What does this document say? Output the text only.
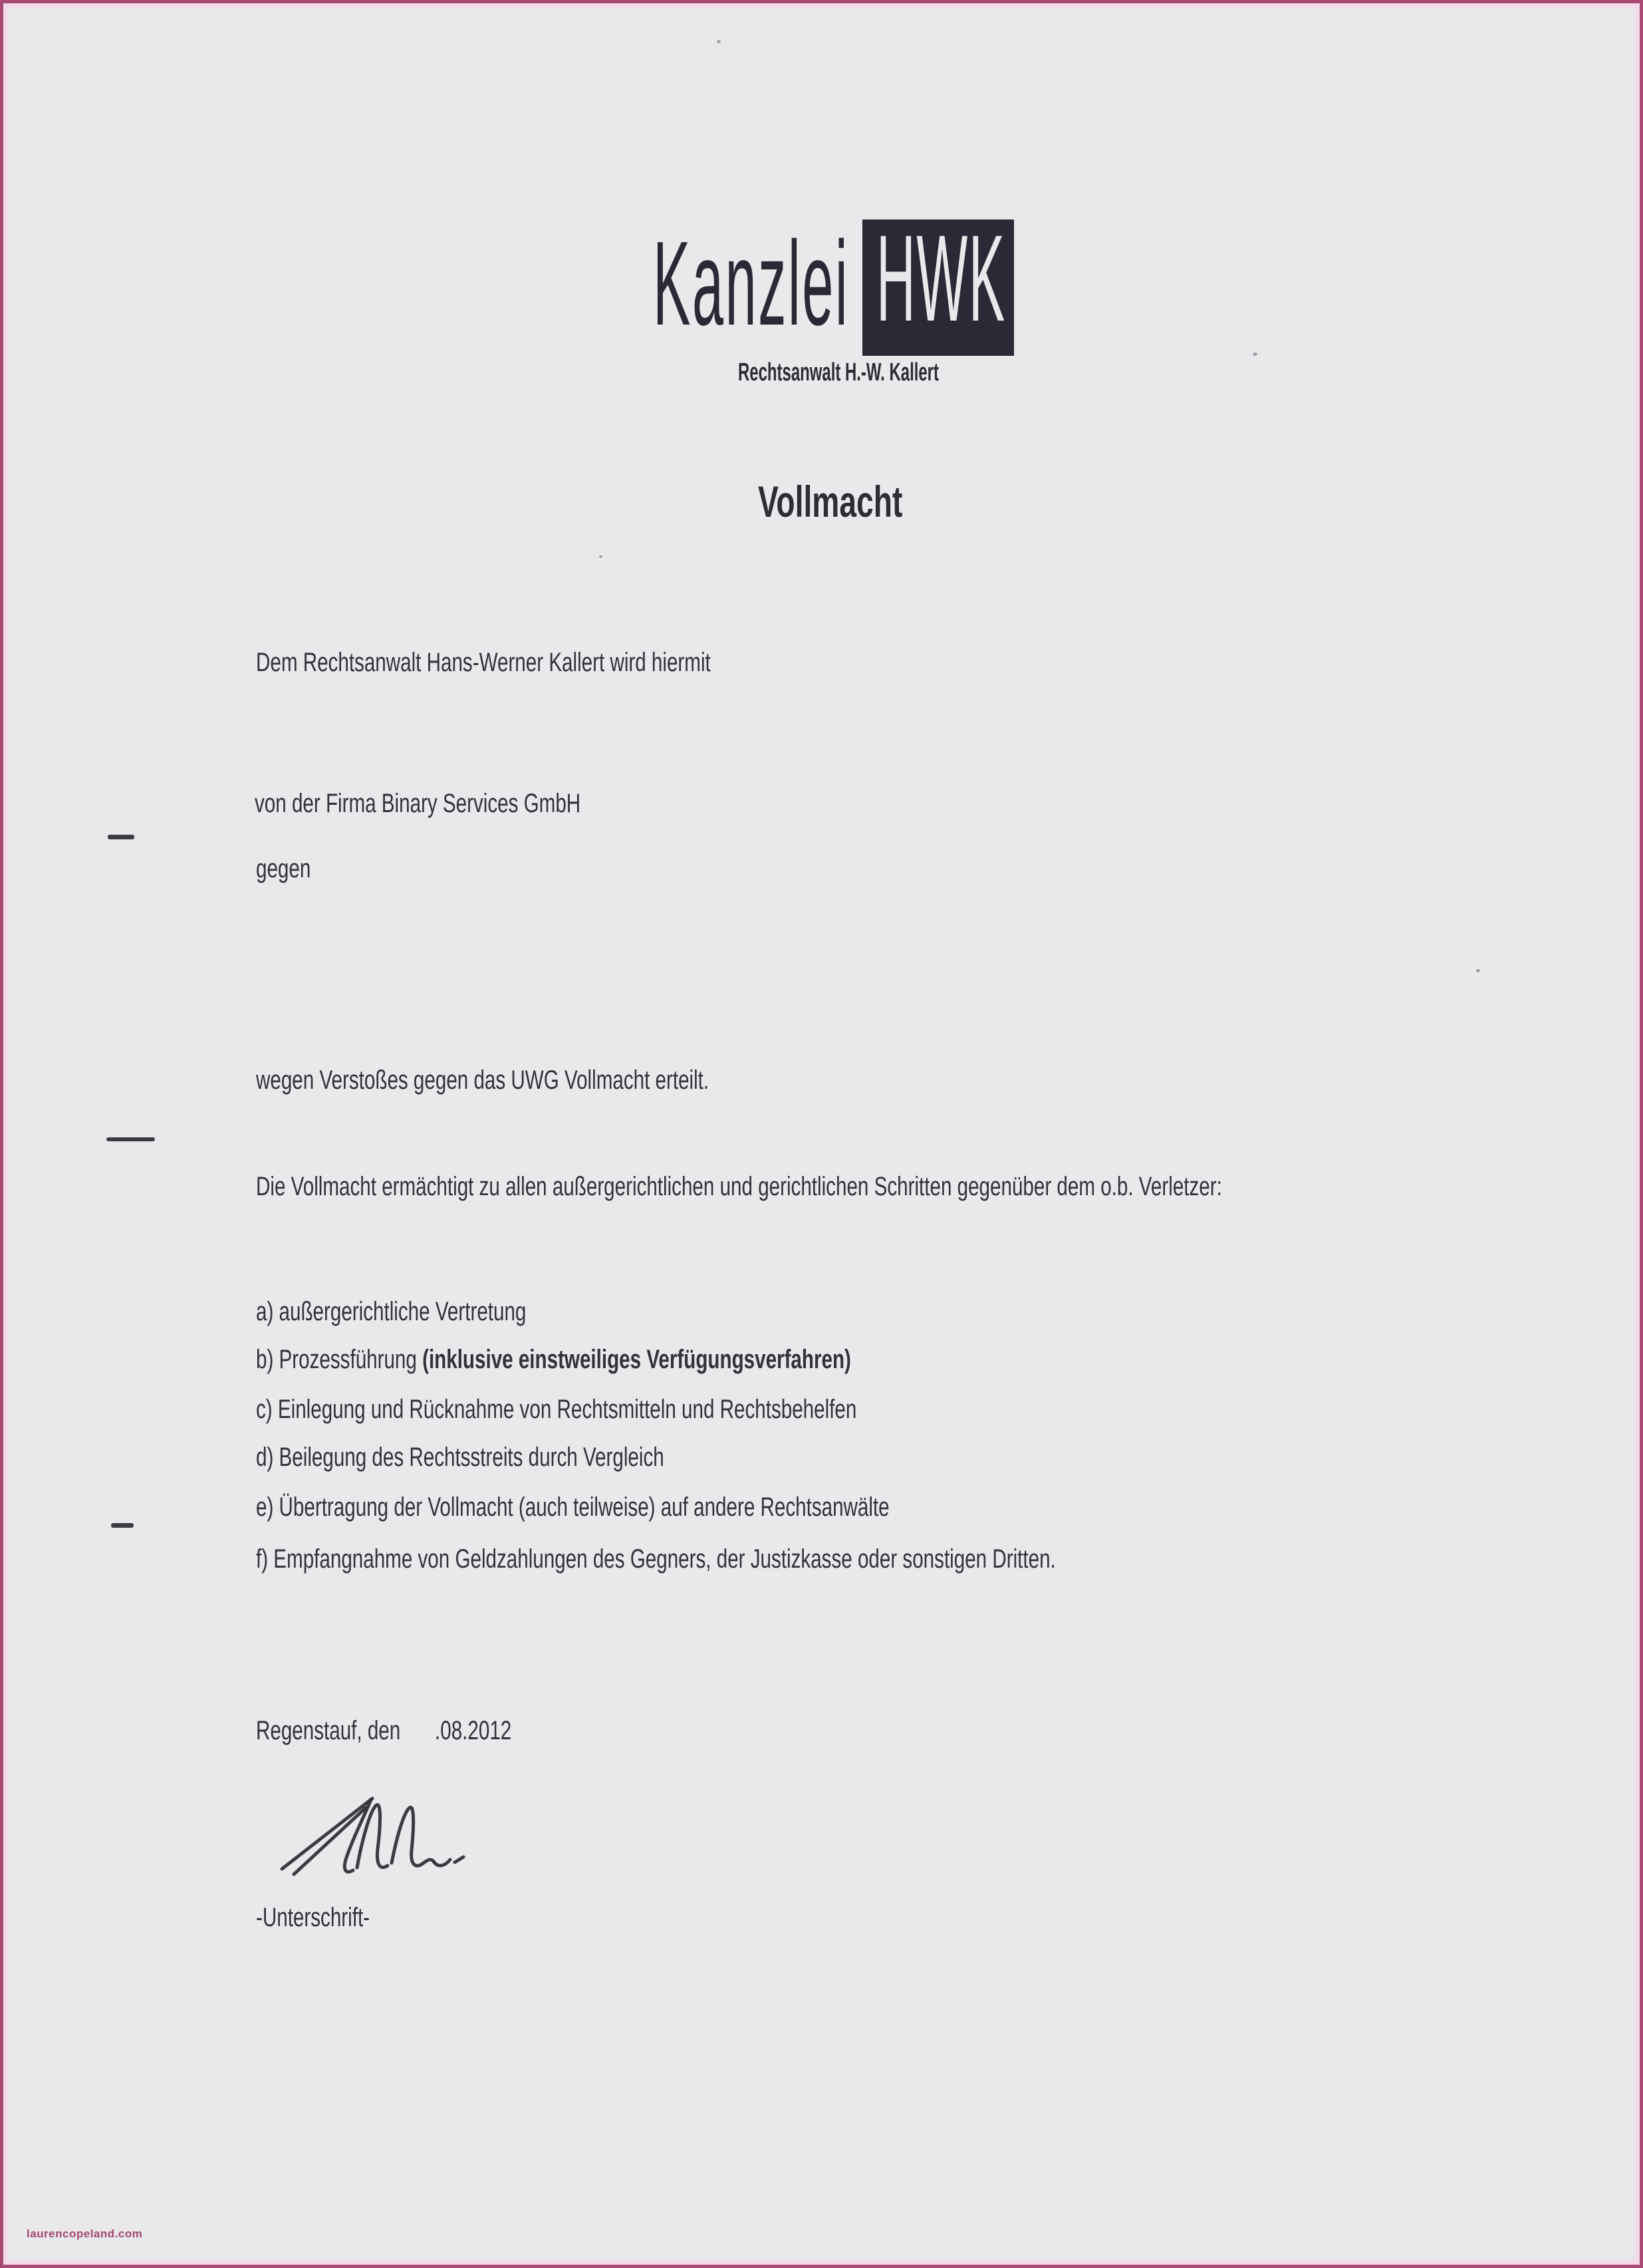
Kanzlei HWK
Rechtsanwalt H.-W. Kallert
Vollmacht
Dem Rechtsanwalt Hans-Werner Kallert wird hiermit
von der Firma Binary Services GmbH
gegen
wegen Verstoßes gegen das UWG Vollmacht erteilt.
Die Vollmacht ermächtigt zu allen außergerichtlichen und gerichtlichen Schritten gegenüber dem o.b. Verletzer:
a) außergerichtliche Vertretung
b) Prozessführung (inklusive einstweiliges Verfügungsverfahren)
c) Einlegung und Rücknahme von Rechtsmitteln und Rechtsbehelfen
d) Beilegung des Rechtsstreits durch Vergleich
e) Übertragung der Vollmacht (auch teilweise) auf andere Rechtsanwälte
f) Empfangnahme von Geldzahlungen des Gegners, der Justizkasse oder sonstigen Dritten.
Regenstauf, den .08.2012
-Unterschrift-
laurencopeland.com
